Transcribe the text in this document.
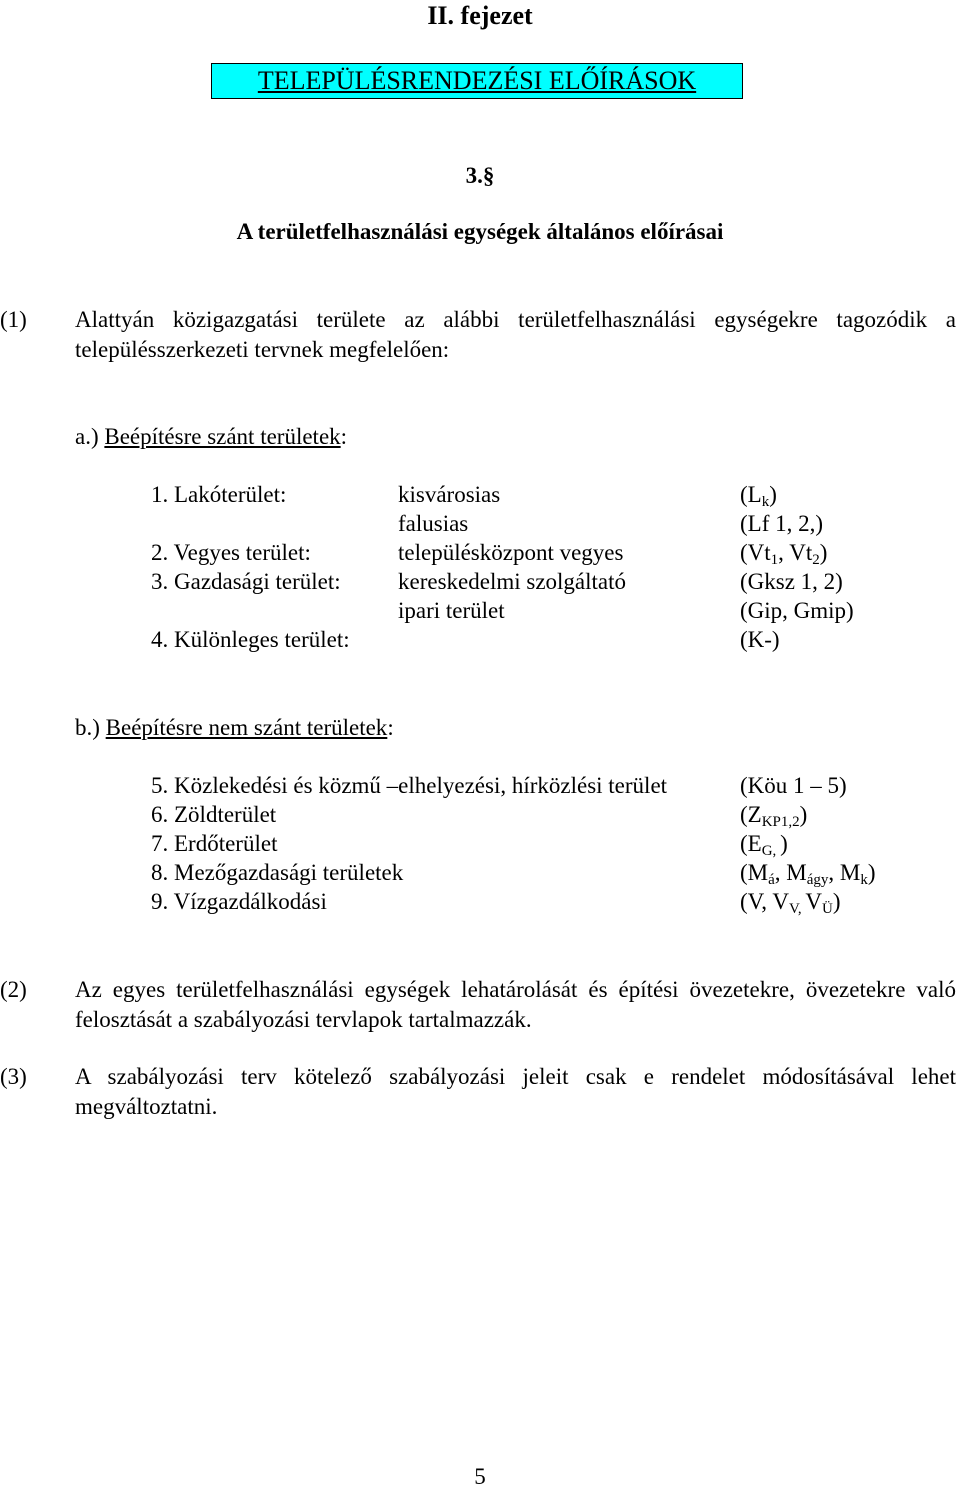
II. fejezet
TELEPÜLÉSRENDEZÉSI ELŐÍRÁSOK
3.§
A területfelhasználási egységek általános előírásai
(1) Alattyán közigazgatási területe az alábbi területfelhasználási egységekre tagozódik a településszerkezeti tervnek megfelelően:
a.) Beépítésre szánt területek:
1. Lakóterület:	kisvárosias	$(L_k)$
falusias	(Lf 1, 2,)
2. Vegyes terület:	településközpont vegyes	($Vt_1$, $Vt_2$)
3. Gazdasági terület: kereskedelmi szolgáltató	(Gksz 1, 2)
ipari terület	(Gip, Gmip)
4. Különleges terület:	(K-)
b.) Beépítésre nem szánt területek:
5. Közlekedési és közmű –elhelyezési, hírközlési terület	(Köu 1 – 5)
6. Zöldterület	$(Z_{KP1,2})$
7. Erdőterület	($E_{G,}$ )
8. Mezőgazdasági területek	($M_á$, $M_{ágy}$, $M_k$)
9. Vízgazdálkodási	(V, $V_{V,}$ $V_Ü$)
(2) Az egyes területfelhasználási egységek lehatárolását és építési övezetekre, övezetekre való felosztását a szabályozási tervlapok tartalmazzák.
(3) A szabályozási terv kötelező szabályozási jeleit csak e rendelet módosításával lehet megváltoztatni.
5
